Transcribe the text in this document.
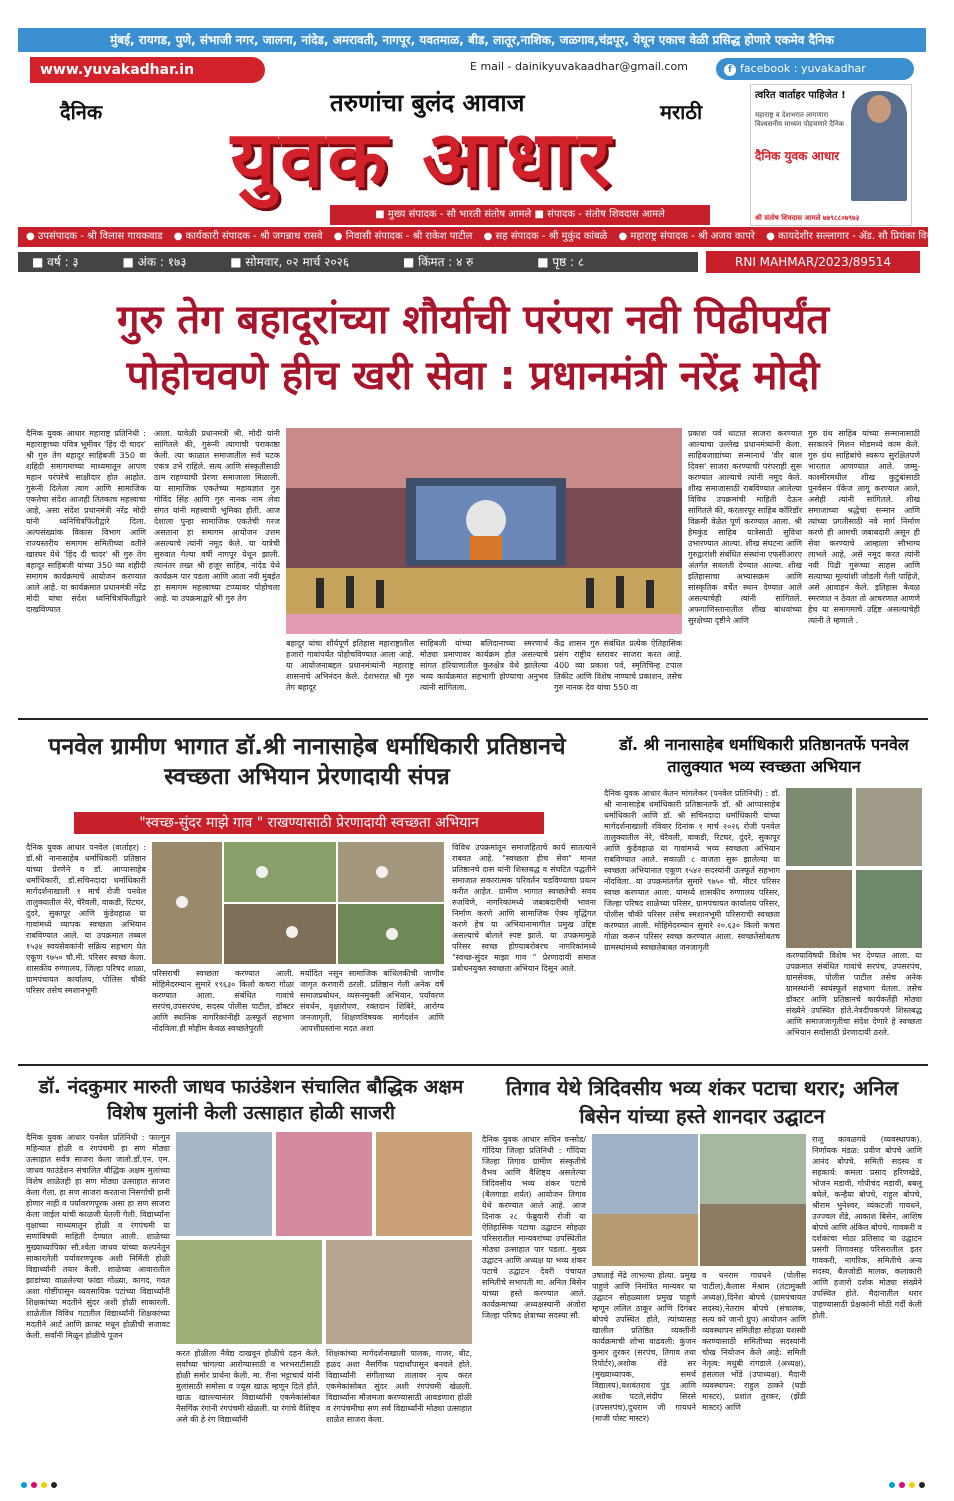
मुंबई, रायगड, पुणे, संभाजी नगर, जालना, नांदेड, अमरावती, नागपूर, यवतमाळ, बीड, लातूर,नाशिक, जळगाव,चंद्रपूर, येथून एकाच वेळी प्रसिद्ध होणारे एकमेव दैनिक
www.yuvakadhar.in	E mail - dainikyuvakaadhar@gmail.com	f facebook : yuvakadhar
तरुणांचा बुलंद आवाज
दैनिक	मराठी
युवक आधार
■ मुख्य संपादक - सौ भारती संतोष आमले ■ संपादक - संतोष शिवदास आमले
त्वरित वार्ताहर पाहिजेत !
महाराष्ट्र व देशभरात लागणारा विश्वसनीय माध्यम पोहचणारे दैनिक
दैनिक युवक आधार
श्री संतोष शिवदास आमले ७७९८८०७९७३
● उपसंपादक - श्री विलास गायकवाड ● कार्यकारी संपादक - श्री जगन्नाथ रासवे ● निवासी संपादक - श्री राकेश पाटील ● सह संपादक - श्री मुकुंद कांबळे ● महाराष्ट्र संपादक - श्री अजय कापरे ● कायदेशीर सल्लागार - ॲड. सौ प्रियंका विजय मुंडे
■ वर्ष : ३	■ अंक : १७३	■ सोमवार, ०२ मार्च २०२६	■ किंमत : ४ रु	■ पृष्ठ : ८	RNI MAHMAR/2023/89514
गुरु तेग बहादूरांच्या शौर्याची परंपरा नवी पिढीपर्यंत
पोहोचवणे हीच खरी सेवा : प्रधानमंत्री नरेंद्र मोदी
दैनिक युवक आधार महाराष्ट्र प्रतिनिधी : महाराष्ट्राच्या पवित्र भूमीवर 'हिंद दी चादर' श्री गुरु तेग बहादूर साहिबजी 350 वा शहिदी समागमाच्या माध्यमातून आपण महान परंपरेचे साक्षीदार होत आहोत. गुरूंनी दिलेला त्याग आणि सामाजिक एकतेचा संदेश आजही तितकाच महत्त्वाचा आहे, असा संदेश प्रधानमंत्री नरेंद्र मोदी यांनी ध्वनिचित्रफितीद्वारे दिला. अल्पसंख्यांक विकास विभाग आणि राज्यस्तरीय समागम समितीच्या वतीने खारघर येथे 'हिंद दी चादर' श्री गुरु तेग बहादूर साहिबजी यांच्या 350 व्या शहीदी समागम कार्यक्रमाचे आयोजन करण्यात आले आहे. या कार्यक्रमात प्रधानमंत्री नरेंद्र मोदी यांचा संदेश ध्वनिचित्रफितीद्वारे दाखविण्यात
आला. यावेळी प्रधानमंत्री श्री. मोदी यांनी सांगितले की, गुरूंनी त्यागाची पराकाष्ठा केली. त्या काळात समाजातील सर्व घटक एकत्र उभे राहिले. सत्य आणि संस्कृतीसाठी ठाम राहण्याची प्रेरणा समाजाला मिळाली. या सामाजिक एकतेच्या महायज्ञात गुरु गोविंद सिंह आणि गुरु नानक नाम लेवा संगत यांनी महत्त्वाची भूमिका होती. आज देशाला पुन्हा सामाजिक एकतेची गरज असताना हा समागम आयोजन उत्तम असल्याचे त्यांनी नमूद केले. या यात्रेची सुरुवात गेल्या वर्षी नागपूर येथून झाली. त्यानंतर तख्त श्री हजूर साहिब, नांदेड येथे कार्यक्रम पार पडला आणि आता नवी मुंबईत हा समागम महत्त्वाच्या टप्प्यावर पोहोचला आहे. या उपक्रमाद्वारे श्री गुरु तेग
बहादूर यांचा शौर्यपूर्ण इतिहास महाराष्ट्रातील हजारो गावांपर्यंत पोहोचविण्यात आला आहे. या आयोजनाबद्दल प्रधानमंत्र्यांनी महाराष्ट्र शासनाचे अभिनंदन केले. देशभरात श्री गुरु तेग बहादूर
साहिबजी यांच्या बलिदानाच्या स्मरणार्थ मोठ्या प्रमाणावर कार्यक्रम होत असल्याचे सांगत हरियाणातील कुरुक्षेत्र येथे झालेल्या भव्य कार्यक्रमात सहभागी होण्याचा अनुभव त्यांनी सांगितला.
केंद्र शासन गुरु संबंधित प्रत्येक ऐतिहासिक प्रसंग राष्ट्रीय स्तरावर साजरा करत आहे. 400 व्या प्रकाश पर्व, स्मृतिचिन्ह टपाल तिकीट आणि विशेष नाण्याचे प्रकाशन, तसेच गुरु नानक देव यांचा 550 वा
प्रकाश पर्व थाटात साजरा करण्यात आल्याचा उल्लेख प्रधानमंत्र्यांनी केला. साहिबजाद्यांच्या सन्मानार्थ 'वीर बाल दिवस' साजरा करण्याची परंपराही सुरू करण्यात आल्याचे त्यांनी नमूद केले. शीख समाजासाठी राबविण्यात आलेल्या विविध उपक्रमांची माहिती देऊन सांगितले की, करतारपूर साहिब कॉरिडॉर विक्रमी वेळेत पूर्ण करण्यात आला. श्री हेमकुंड साहिब यात्रेसाठी सुविधा उभारण्यात आल्या. शीख संघटना आणि गुरुद्वारांशी संबंधित संस्थांना एफसीआरए अंतर्गत सवलती देण्यात आल्या. शीख इतिहासाचा अभ्यासक्रम आणि सांस्कृतिक वर्चेत स्थान देण्यात आले असल्याचेही त्यांनी सांगितले. अफगाणिस्तानातील शीख बांधवांच्या सुरक्षेच्या दृष्टीने आणि
गुरु ग्रंथ साहिब यांच्या सन्मानासाठी सरकारने मिशन मोडमध्ये काम केले. गुरु ग्रंथ साहिबांचे स्वरूप सुरक्षितपणे भारतात आणण्यात आले. जम्मू-काश्मीरमधील शीख कुटुंबांसाठी पुनर्वसन पॅकेज लागू करण्यात आले, असेही त्यांनी सांगितले. शीख समाजाच्या श्रद्धेचा सन्मान आणि त्यांच्या प्रगतीसाठी नवे मार्ग निर्माण करणे ही आमची जबाबदारी असून ही सेवा करण्याचे आम्हाला सौभाग्य लाभले आहे, असे नमूद करत त्यांनी नवी पिढी गुरूंच्या साहस आणि सत्याच्या मूल्यांशी जोडली गेली पाहिजे, असे आवाहन केले. इतिहास केवळ स्मरणात न ठेवता तो आचरणात आणणे हेच या समागमाचे उद्दिष्ट असल्याचेही त्यांनी ते म्हणाले .
पनवेल ग्रामीण भागात डॉ.श्री नानासाहेब धर्माधिकारी प्रतिष्ठानचे स्वच्छता अभियान प्रेरणादायी संपन्न
"स्वच्छ-सुंदर माझे गाव " राखण्यासाठी प्रेरणादायी स्वच्छता अभियान
दैनिक युवक आधार पनवेल (वार्ताहर) : डॉ.श्री नानासाहेब धर्माधिकारी प्रतिष्ठान यांच्या प्रेरणेने व डॉ. आप्पासाहेब धर्माधिकारी, डॉ.सचिनदादा धर्माधिकारी मार्गदर्शनाखाली १ मार्च रोजी पनवेल तालुक्यातील नेरे, चेरैवली, वाकडी, रिटघर, दुंदरे, सुकापूर आणि कुंडेवहाळ या गावांमध्ये व्यापक स्वच्छता अभियान राबविण्यात आले. या उपक्रमात तब्बल १५३४ स्वयंसेवकांनी सक्रिय सहभाग घेत एकूण ९७५० चौ.मी. परिसर स्वच्छ केला. शासकीय रुग्णालय, जिल्हा परिषद शाळा, ग्रामपंचायत कार्यालय, पोलिस चौकी परिसर तसेच स्मशानभूमी
परिसराची स्वच्छता करण्यात आली. मोहिमेदरम्यान सुमारे १९६३० किलो कचरा गोळा करण्यात आला. संबंधित गावांचे सरपंच,उपसरपंच, सदस्य पोलीस पाटील, डॉक्टर आणि स्थानिक नागरिकांनीही उत्स्फूर्त सहभाग नोंदविला.ही मोहीम केवळ स्वच्छतेपुरती
मर्यादित नसून सामाजिक बांधिलकीची जाणीव जागृत करणारी ठरली. प्रतिष्ठान गेली अनेक वर्षे समाजप्रबोधन, व्यसनमुक्ती अभियान, पर्यावरण संवर्धन, वृक्षारोपण, रक्तदान शिबिरे, आरोग्य जनजागृती, शिक्षणविषयक मार्गदर्शन आणि आपत्तीग्रस्तांना मदत अशा
विविध उपक्रमांतून समाजहिताचे कार्य सातत्याने राबवत आहे. "स्वच्छता हीच सेवा" मानत प्रतिष्ठानचे दास यांनी शिस्तबद्ध व संघटित पद्धतीने समाजात सकारात्मक परिवर्तन घडविण्याचा प्रयत्न करीत आहेत. ग्रामीण भागात स्वच्छतेची सवय रुजविणे, नागरिकांमध्ये जबाबदारीची भावना निर्माण करणे आणि सामाजिक ऐक्य वृद्धिंगत करणे हेच या अभियानामागील प्रमुख उद्दिष्ट असल्याचे बोलले स्पष्ट झाले. या उपक्रमामुळे परिसर स्वच्छ होण्याबरोबरच नागरिकांमध्ये "स्वच्छ-सुंदर माझा गाव " प्रेरणादायी समाज प्रबोधनयुक्त स्वच्छता अभियान दिसून आले.
डॉ. श्री नानासाहेब धर्माधिकारी प्रतिष्ठानतर्फे पनवेल तालुक्यात भव्य स्वच्छता अभियान
दैनिक युवक आधार केतन मांगलेकर (पनवेल प्रतिनिधी) : डॉ. श्री नानासाहेब धर्माधिकारी प्रतिष्ठानतर्फे डॉ. श्री आप्पासाहेब धर्माधिकारी आणि डॉ. श्री सचिनदादा धर्माधिकारी यांच्या मार्गदर्शनाखाली रविवार दिनांक १ मार्च २०२६ रोजी पनवेल तालुक्यातील नेरे, चेरैवली, वाकडी, रिटघर, दुंदरे, सुकापूर आणि कुंडेवहाळ या गावांमध्ये भव्य स्वच्छता अभियान राबविण्यात आले. सकाळी ८ वाजता सुरू झालेल्या या स्वच्छता अभियानात एकूण १५४२ सदस्यांनी उत्स्फूर्त सहभाग नोंदविला. या उपक्रमांतर्गत सुमारे ९७५० चौ. मीटर परिसर स्वच्छ करण्यात आला. यामध्ये शासकीय रुग्णालय परिसर, जिल्हा परिषद शाळेच्या परिसर, ग्रामपंचायत कार्यालय परिसर, पोलीस चौकी परिसर तसेच स्मशानभूमी परिसराची स्वच्छता करण्यात आली. मोहिमेदरम्यान सुमारे २०.६३० किलो कचरा गोळा करून परिसर स्वच्छ करण्यात आला. स्वच्छतेसोबतच ग्रामस्थांमध्ये स्वच्छतेबाबत जनजागृती
करण्याविषयी विशेष भर देण्यात आला. या उपक्रमात संबंधित गावांचे सरपंच, उपसरपंच, ग्रामसेवक, पोलीस पाटील तसेच अनेक ग्रामस्थांनी स्वयंस्फूर्त सहभाग घेतला. तसेच डॉक्टर आणि प्रतिष्ठानचे कार्यकर्तेही मोठ्या संख्येने उपस्थित होते.नेत्रदीपकपणे शिस्तबद्ध आणि समाजजागृतीचा संदेश देणारे हे स्वच्छता अभियान सर्वांसाठी प्रेरणादायी ठरले.
डॉ. नंदकुमार मारुती जाधव फाउंडेशन संचालित बौद्धिक अक्षम विशेष मुलांनी केली उत्साहात होळी साजरी
दैनिक युवक आधार पनवेल प्रतिनिधी : फाल्गुन महिन्यात होळी व रंगपंचमी हा सण मोठ्या उत्साहात सर्वत्र साजरा केला जातो.डॉ.एन. एम. जाधव फाउंडेशन संचालित बौद्धिक अक्षम मुलांच्या विशेष शाळेतही हा सण मोठ्या उत्साहात साजरा केला गेला. हा सण साजरा करताना निसर्गाची हानी होणार नाही व पर्यावरणपूरक असा हा सण साजरा केला जाईल यांची काळजी घेतली गेली. विद्यार्थ्यांना वृक्षाच्या माध्यमातून होळी व रंगपंचमी या सणांविषयी माहिती देण्यात आली. शाळेच्या मुख्याध्यापिका सौ.श्वेता जाधव यांच्या कल्पनेतून साकारलेली पर्यावरणपूरक अशी निर्मिती होळी विद्यार्थ्यांनी तयार केली. शाळेच्या आवारातील झाडांच्या वाळलेल्या फांद्या गोळ्या, कागद, गवत अशा गोष्टींपासून व्यवसायिक पटांच्या विद्यार्थ्यांनी शिक्षकांच्या मदतीने सुंदर अशी होळी साकारली. शाळेतील विविध गटातील विद्यार्थ्यांनी शिक्षकांच्या मदतीने आर्ट आणि क्राफ्ट मधून होळीची सजावट केली. सर्वांनी मिळून होळीचे पूजन
करत होळीला नैवेद्य दाखवून होळीचे दहन केले. सर्वांच्या चांगल्या आरोग्यासाठी व भरभराटीसाठी होळी समोर प्रार्थना केली. मा. रीना भट्टाचार्य यांनी मुलांसाठी समोसा व ज्यूस खाऊ म्हणून दिले होते. खाऊ खाल्ल्यानंतर विद्यार्थ्यांनी एकमेकांसोबत नैसर्गिक रंगांनी रंगपंचमी खेळली. या रंगांचे वैशिष्ट्य असे की हे रंग विद्यार्थ्यांनी
शिक्षकांच्या मार्गदर्शनाखाली पालक, गाजर, बीट, हळद अशा नैसर्गिक पदार्थांपासून बनवले होते. विद्यार्थ्यांनी संगीताच्या तालावर नृत्य करत एकमेकांसोबत सुंदर अशी रंगपंचमी खेळली. विद्यार्थ्यांना मौजमजा करण्यासाठी आवडणारा होळी व रंगपंचमीचा सण सर्व विद्यार्थ्यांनी मोठ्या उत्साहात शाळेत साजरा केला.
तिगाव येथे त्रिदिवसीय भव्य शंकर पटाचा थरार; अनिल बिसेन यांच्या हस्ते शानदार उद्घाटन
दैनिक युवक आधार सचिन वन्सोड/ गोंदिया जिल्हा प्रतिनिधी : गोंदिया जिल्हा तिगाव ग्रामीण संस्कृतीचे वैभव आणि वैशिष्ट्य असलेल्या त्रिदिवसीय भव्य शंकर पटाचे (बैलगाडा शर्यत) आयोजन तिगाव येथे करण्यात आले आहे. आज दिनांक २८ फेब्रुवारी रोजी या ऐतिहासिक पटाचा उद्घाटन सोहळा परिसरातील मान्यवरांच्या उपस्थितीत मोठ्या उत्साहात पार पडला. मुख्य उद्घाटन आणि अध्यक्ष या भव्य शंकर पटाचे उद्घाटन देवरी पंचायत समितीचे सभापती मा. अनिल बिसेन यांच्या हस्ते करण्यात आले. कार्यक्रमाच्या अध्यक्षस्थानी अंजोरा जिल्हा परिषद क्षेत्राच्या सदस्या सौ.
उषाताई मेंढे लाभल्या होत्या. प्रमुख पाहुणे आणि निमंत्रित मान्यवर या उद्घाटन सोहळ्याला प्रमुख पाहुणे म्हणून ललित ठाकूर आणि दिगंबर बोपचे उपस्थित होते, त्यांच्यासह खालील प्रतिष्ठित व्यक्तींनी कार्यक्रमाची शोभा वाढवली: कुंजन कुमार तुरकर (सरपंच, तिगाव तथा रिपोर्टर),अशोक शेंडे सर (मुख्याध्यापक, समर्थ विद्यालय),यशवंतराव पुंड आणि अशोक पटले,संदीप सिरसे (उपसरपंच),दुधराम जी गायधने (माजी पोस्ट मास्टर)
व धनराम गायधने (पोलीस पाटील),कैलास मेश्राम (तंटामुक्ती अध्यक्ष),दिनेश बोपचे (ग्रामपंचायत सदस्य),नेतराम बोपचे (संचालक, सत्य को जानो ग्रुप) आयोजन आणि व्यवस्थापन समितीहा सोहळा यशस्वी करण्यासाठी समितीच्या सदस्यांनी चोख नियोजन केले आहे: समिती नेतृत्व: मधुबी रांगडाले (अध्यक्ष), हसलाल भोंडे (उपाध्यक्ष). मैदानी व्यवस्थापन: राहुल ठाकरे (घडी मास्टर), प्रशांत तुरकर, (झेंडी मास्टर) आणि
राजू कावळगये (व्यवस्थापक). निर्णायक मंडळ: प्रवीण बोपचे आणि आनंद बोपचे. समिती सदस्य व सहकार्य: कमला प्रसाद हरिणखेडे, भोजन मडावी, गोपीचंद मडावी, बबलू बघेले, कन्हैया बोपचे, राहुल बोपचे, श्रीराम भुनेश्वर, व्यंकटजी गायधने, उज्ज्वल शेंडे, आकाश बिसेन, आशिष बोपचे आणि अंकित बोपचे. गावकरी व दर्शकांचा मोठा प्रतिसाद या उद्घाटन प्रसंगी तिगावसह परिसरातील इतर गावकरी, नागरिक, समितीचे अन्य सदस्य, बैलजोडी मालक, कलाकारी आणि हजारो दर्शक मोठ्या संख्येने उपस्थित होते. मैदानातील थरार पाहण्यासाठी प्रेक्षकांनी मोठी गर्दी केली होती.
